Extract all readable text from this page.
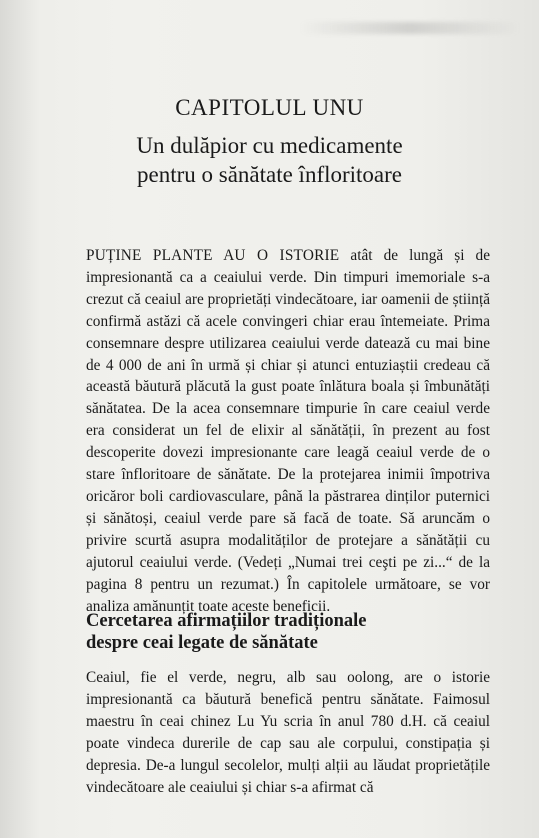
CAPITOLUL UNU
Un dulăpior cu medicamente
pentru o sănătate înfloritoare
PUȚINE PLANTE AU O ISTORIE atât de lungă și de impresionantă ca a ceaiului verde. Din timpuri imemoriale s-a crezut că ceaiul are proprietăți vindecătoare, iar oamenii de știință confirmă astăzi că acele convingeri chiar erau întemeiate. Prima consemnare despre utilizarea ceaiului verde datează cu mai bine de 4 000 de ani în urmă și chiar și atunci entuziaștii credeau că această băutură plăcută la gust poate înlătura boala și îmbunătăți sănătatea. De la acea consemnare timpurie în care ceaiul verde era considerat un fel de elixir al sănătății, în prezent au fost descoperite dovezi impresionante care leagă ceaiul verde de o stare înfloritoare de sănătate. De la protejarea inimii împotriva oricăror boli cardiovasculare, până la păstrarea dinților puternici și sănătoși, ceaiul verde pare să facă de toate. Să aruncăm o privire scurtă asupra modalităților de protejare a sănătății cu ajutorul ceaiului verde. (Vedeți „Numai trei ceşti pe zi...“ de la pagina 8 pentru un rezumat.) În capitolele următoare, se vor analiza amănunțit toate aceste beneficii.
Cercetarea afirmațiilor tradiționale
despre ceai legate de sănătate
Ceaiul, fie el verde, negru, alb sau oolong, are o istorie impresionantă ca băutură benefică pentru sănătate. Faimosul maestru în ceai chinez Lu Yu scria în anul 780 d.H. că ceaiul poate vindeca durerile de cap sau ale corpului, constipația și depresia. De-a lungul secolelor, mulți alții au lăudat proprietățile vindecătoare ale ceaiului și chiar s-a afirmat că
